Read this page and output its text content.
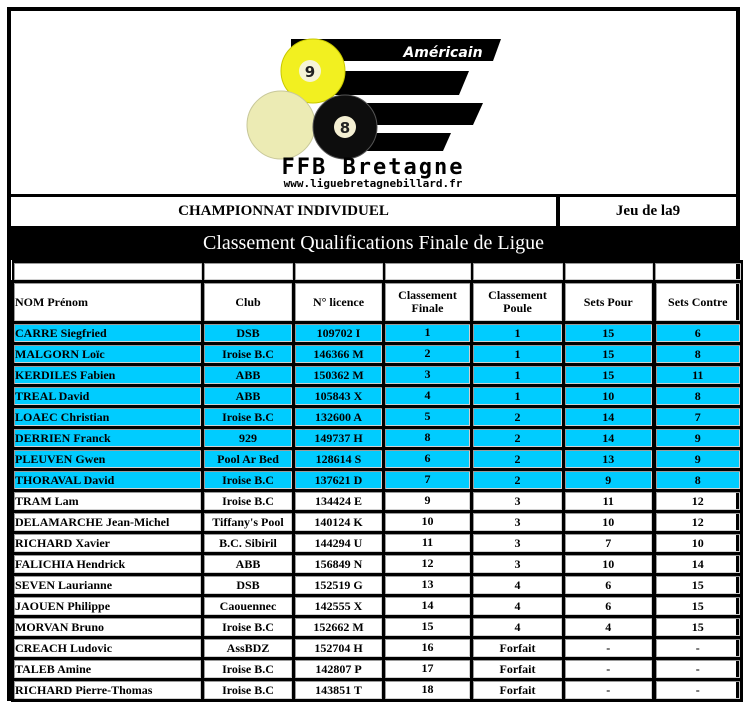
Américain
9
8
FFB Bretagne
www.liguebretagnebillard.fr
CHAMPIONNAT INDIVIDUEL	Jeu de la9
Classement Qualifications Finale de Ligue

NOM Prénom	Club	N° licence	Classement Finale	Classement Poule	Sets Pour	Sets Contre
CARRE Siegfried	DSB	109702 I	1	1	15	6
MALGORN Loïc	Iroise B.C	146366 M	2	1	15	8
KERDILES Fabien	ABB	150362 M	3	1	15	11
TREAL David	ABB	105843 X	4	1	10	8
LOAEC Christian	Iroise B.C	132600 A	5	2	14	7
DERRIEN Franck	929	149737 H	8	2	14	9
PLEUVEN Gwen	Pool Ar Bed	128614 S	6	2	13	9
THORAVAL David	Iroise B.C	137621 D	7	2	9	8
TRAM Lam	Iroise B.C	134424 E	9	3	11	12
DELAMARCHE Jean-Michel	Tiffany's Pool	140124 K	10	3	10	12
RICHARD Xavier	B.C. Sibiril	144294 U	11	3	7	10
FALICHIA Hendrick	ABB	156849 N	12	3	10	14
SEVEN Laurianne	DSB	152519 G	13	4	6	15
JAOUEN Philippe	Caouennec	142555 X	14	4	6	15
MORVAN Bruno	Iroise B.C	152662 M	15	4	4	15
CREACH Ludovic	AssBDZ	152704 H	16	Forfait	-	-
TALEB Amine	Iroise B.C	142807 P	17	Forfait	-	-
RICHARD Pierre-Thomas	Iroise B.C	143851 T	18	Forfait	-	-
